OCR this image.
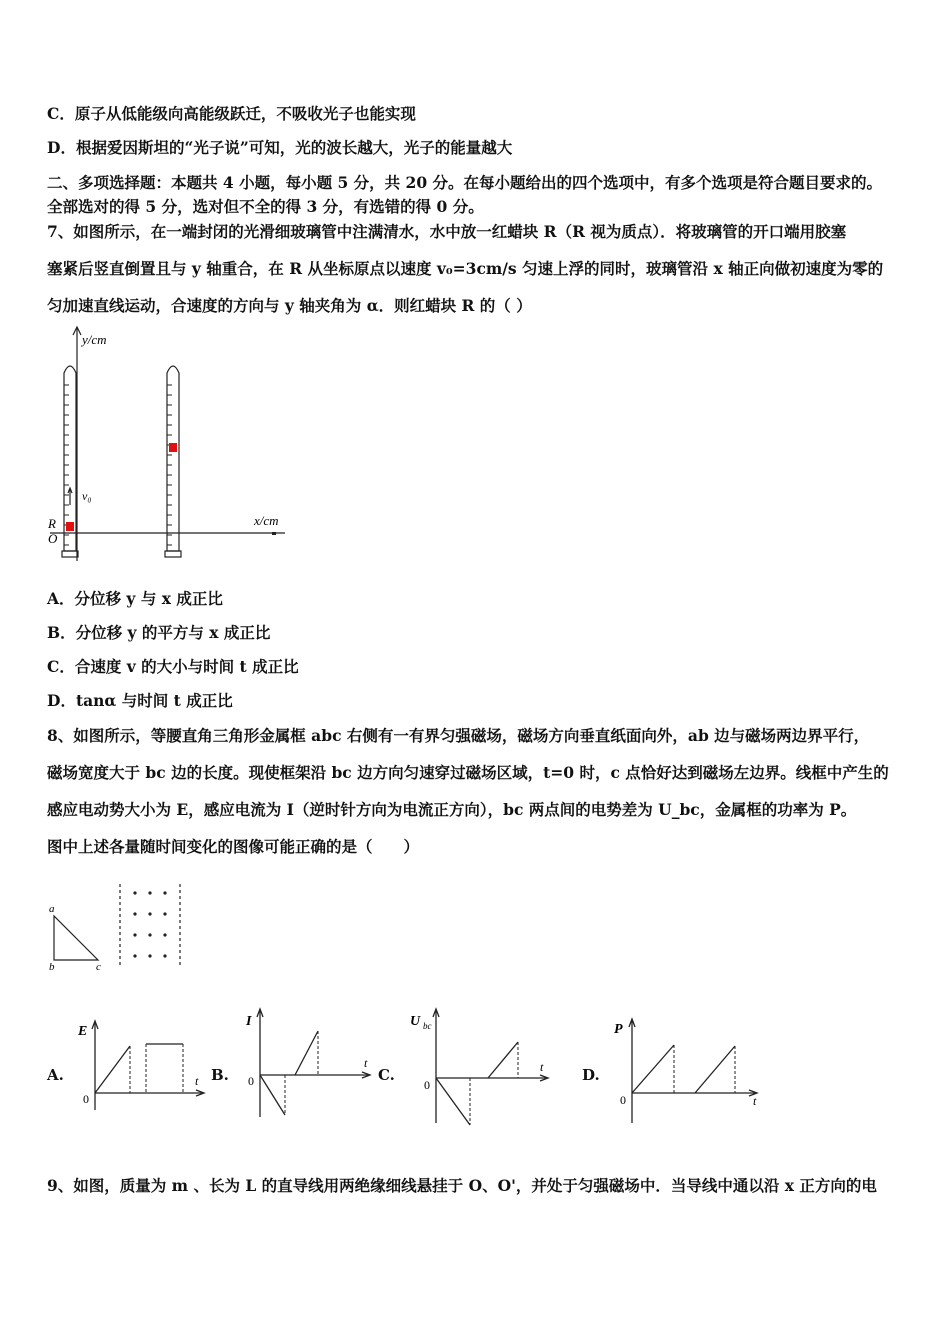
C．原子从低能级向高能级跃迁，不吸收光子也能实现
D．根据爱因斯坦的“光子说”可知，光的波长越大，光子的能量越大
二、多项选择题：本题共 4 小题，每小题 5 分，共 20 分。在每小题给出的四个选项中，有多个选项是符合题目要求的。
全部选对的得 5 分，选对但不全的得 3 分，有选错的得 0 分。
7、如图所示，在一端封闭的光滑细玻璃管中注满清水，水中放一红蜡块 R（R 视为质点）．将玻璃管的开口端用胶塞
塞紧后竖直倒置且与 y 轴重合，在 R 从坐标原点以速度 v₀=3cm/s 匀速上浮的同时，玻璃管沿 x 轴正向做初速度为零的
匀加速直线运动，合速度的方向与 y 轴夹角为 α．则红蜡块 R 的（ ）
y/cm
x/cm
v₀
R
O
A．分位移 y 与 x 成正比
B．分位移 y 的平方与 x 成正比
C．合速度 v 的大小与时间 t 成正比
D．tanα 与时间 t 成正比
8、如图所示，等腰直角三角形金属框 abc 右侧有一有界匀强磁场，磁场方向垂直纸面向外，ab 边与磁场两边界平行，
磁场宽度大于 bc 边的长度。现使框架沿 bc 边方向匀速穿过磁场区域，t=0 时，c 点恰好达到磁场左边界。线框中产生的
感应电动势大小为 E，感应电流为 I（逆时针方向为电流正方向），bc 两点间的电势差为 U_bc，金属框的功率为 P。
图中上述各量随时间变化的图像可能正确的是（　　）
a
b	c
A.
E
t
0
B.
I
t
0	C.
U bc
t
0
D.
P
t
0
9、如图，质量为 m 、长为 L 的直导线用两绝缘细线悬挂于 O、O'，并处于匀强磁场中．当导线中通以沿 x 正方向的电
